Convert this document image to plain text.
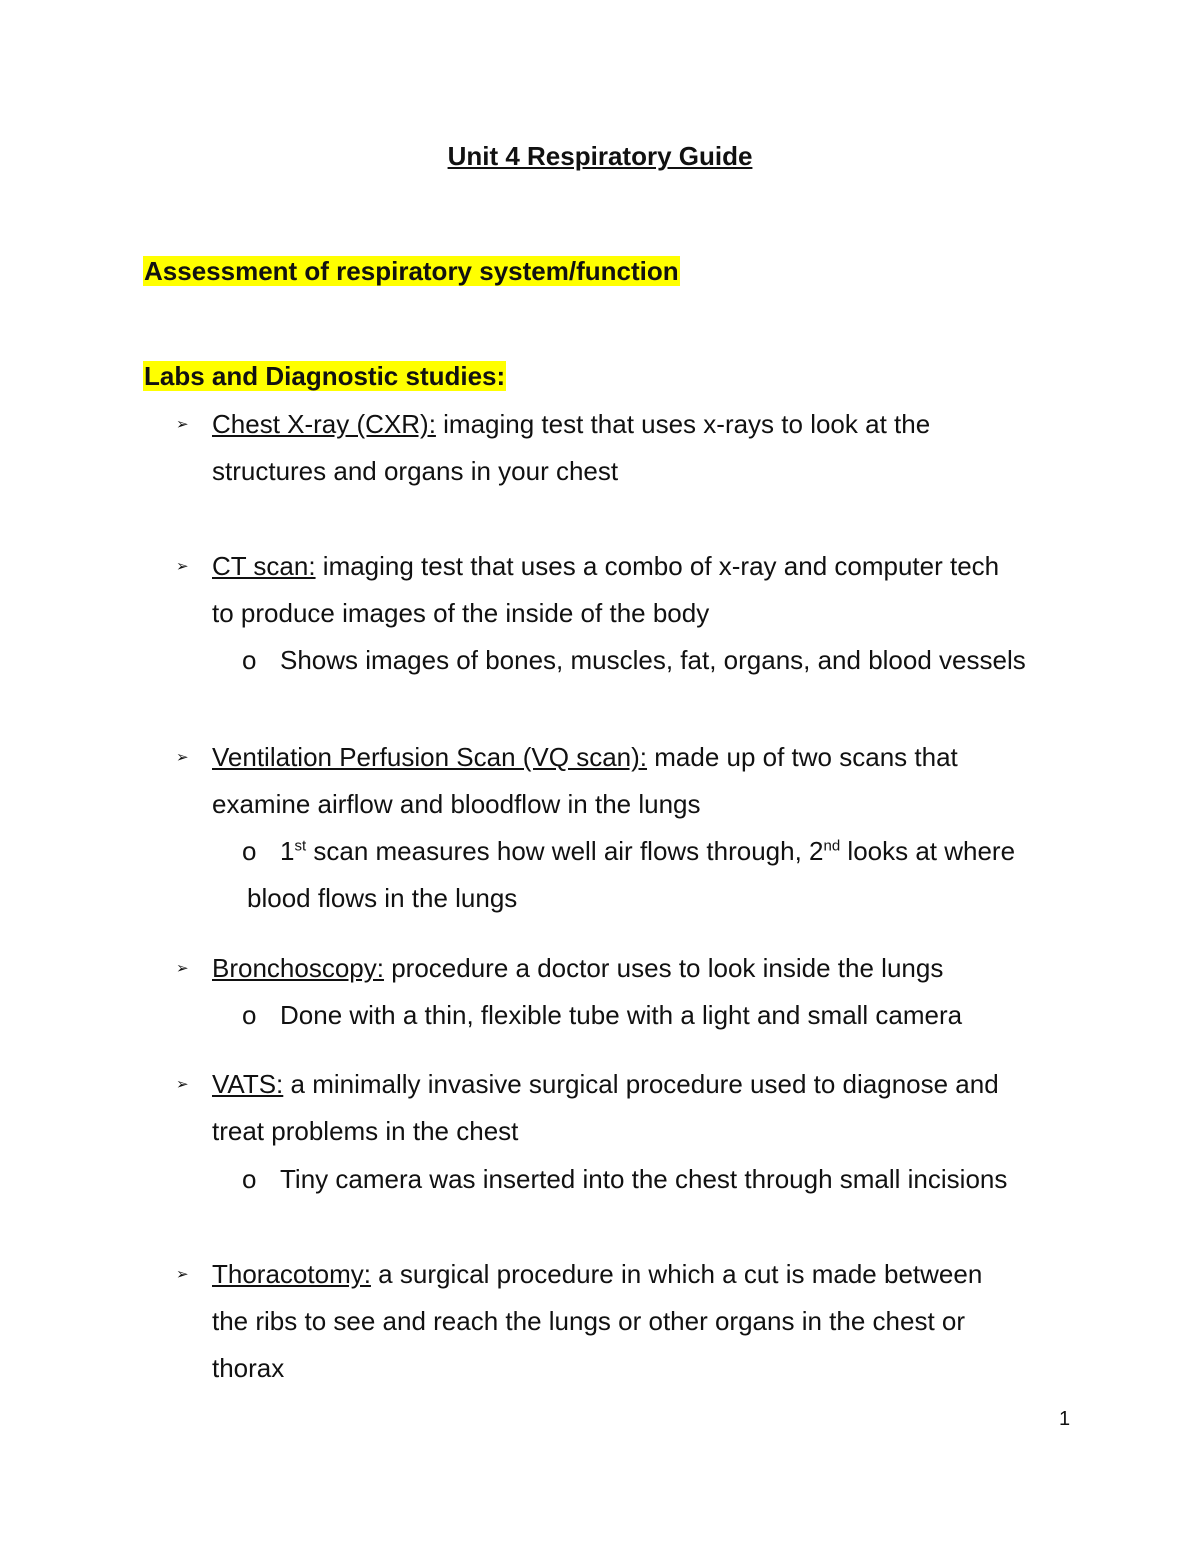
Unit 4 Respiratory Guide
Assessment of respiratory system/function
Labs and Diagnostic studies:
➢ Chest X-ray (CXR): imaging test that uses x-rays to look at the
structures and organs in your chest
➢ CT scan: imaging test that uses a combo of x-ray and computer tech
to produce images of the inside of the body
o Shows images of bones, muscles, fat, organs, and blood vessels
➢ Ventilation Perfusion Scan (VQ scan): made up of two scans that
examine airflow and bloodflow in the lungs
o 1st scan measures how well air flows through, 2nd looks at where
blood flows in the lungs
➢ Bronchoscopy: procedure a doctor uses to look inside the lungs
o Done with a thin, flexible tube with a light and small camera
➢ VATS: a minimally invasive surgical procedure used to diagnose and
treat problems in the chest
o Tiny camera was inserted into the chest through small incisions
➢ Thoracotomy: a surgical procedure in which a cut is made between
the ribs to see and reach the lungs or other organs in the chest or
thorax
1
